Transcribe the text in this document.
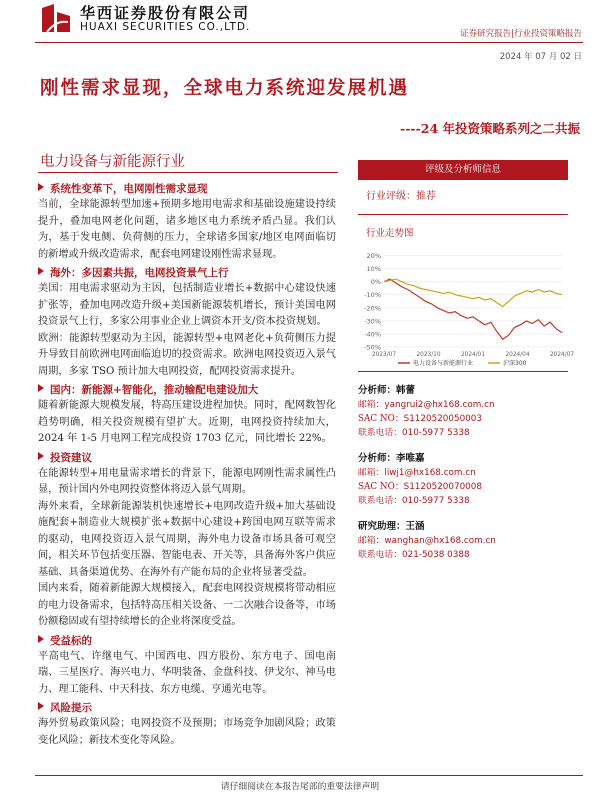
华西证券股份有限公司
HUAXI SECURITIES CO.,LTD.
证券研究报告|行业投资策略报告
2024 年 07 月 02 日
刚性需求显现，全球电力系统迎发展机遇
----24 年投资策略系列之二共振
电力设备与新能源行业
系统性变革下，电网刚性需求显现
当前，全球能源转型加速+预期多地用电需求和基础设施建设持续提升，叠加电网老化问题，诸多地区电力系统矛盾凸显。我们认为，基于发电侧、负荷侧的压力，全球诸多国家/地区电网面临切的新增或升级改造需求，配套电网建设刚性需求显现。
海外：多因素共振，电网投资景气上行
美国：用电需求驱动为主因，包括制造业增长+数据中心建设快速扩张等，叠加电网改造升级+美国新能源装机增长，预计美国电网投资景气上行，多家公用事业企业上调资本开支/资本投资规划。
欧洲：能源转型驱动为主因，能源转型+电网老化+负荷侧压力提升导致目前欧洲电网面临迫切的投资需求。欧洲电网投资迈入景气周期，多家 TSO 预计加大电网投资，配网投资需求提升。
国内：新能源+智能化，推动输配电建设加大
随着新能源大规模发展，特高压建设进程加快。同时，配网数智化趋势明确，相关投资规模有望扩大。近期，电网投资持续加大，2024 年 1-5 月电网工程完成投资 1703 亿元，同比增长 22%。
投资建议
在能源转型+用电量需求增长的背景下，能源电网刚性需求属性凸显，预计国内外电网投资整体将迈入景气周期。
海外来看，全球新能源装机快速增长+电网改造升级+加大基础设施配套+制造业大规模扩张+数据中心建设+跨国电网互联等需求的驱动，电网投资迈入景气周期，海外电力设备市场具备可观空间，相关环节包括变压器、智能电表、开关等，具备海外客户供应基础、具备渠道优势、在海外有产能布局的企业将显著受益。
国内来看，随着新能源大规模接入，配套电网投资规模将带动相应的电力设备需求，包括特高压相关设备、一二次融合设备等，市场份额稳固或有望持续增长的企业将深度受益。
受益标的
平高电气、许继电气、中国西电、四方股份、东方电子、国电南瑞、三星医疗、海兴电力、华明装备、金盘科技、伊戈尔、神马电力、理工能科、中天科技、东方电缆、亨通光电等。
风险提示
海外贸易政策风险；电网投资不及预期；市场竞争加剧风险；政策变化风险；新技术变化等风险。
评级及分析师信息
行业评级：推荐
行业走势图
20%
10%
0%
-10%
-20%
-30%
-40%
-50%
2023/07	2023/10	2024/01	2024/04	2024/07
电力设备与新能源行业	沪深300
分析师：韩蕾
邮箱：yangrui2@hx168.com.cn
SAC NO：S1120520050003
联系电话：010-5977 5338
分析师：李唯嘉
邮箱：liwj1@hx168.com.cn
SAC NO：S1120520070008
联系电话：010-5977 5338
研究助理：王涵
邮箱：wanghan@hx168.com.cn
联系电话：021-5038 0388
请仔细阅读在本报告尾部的重要法律声明
